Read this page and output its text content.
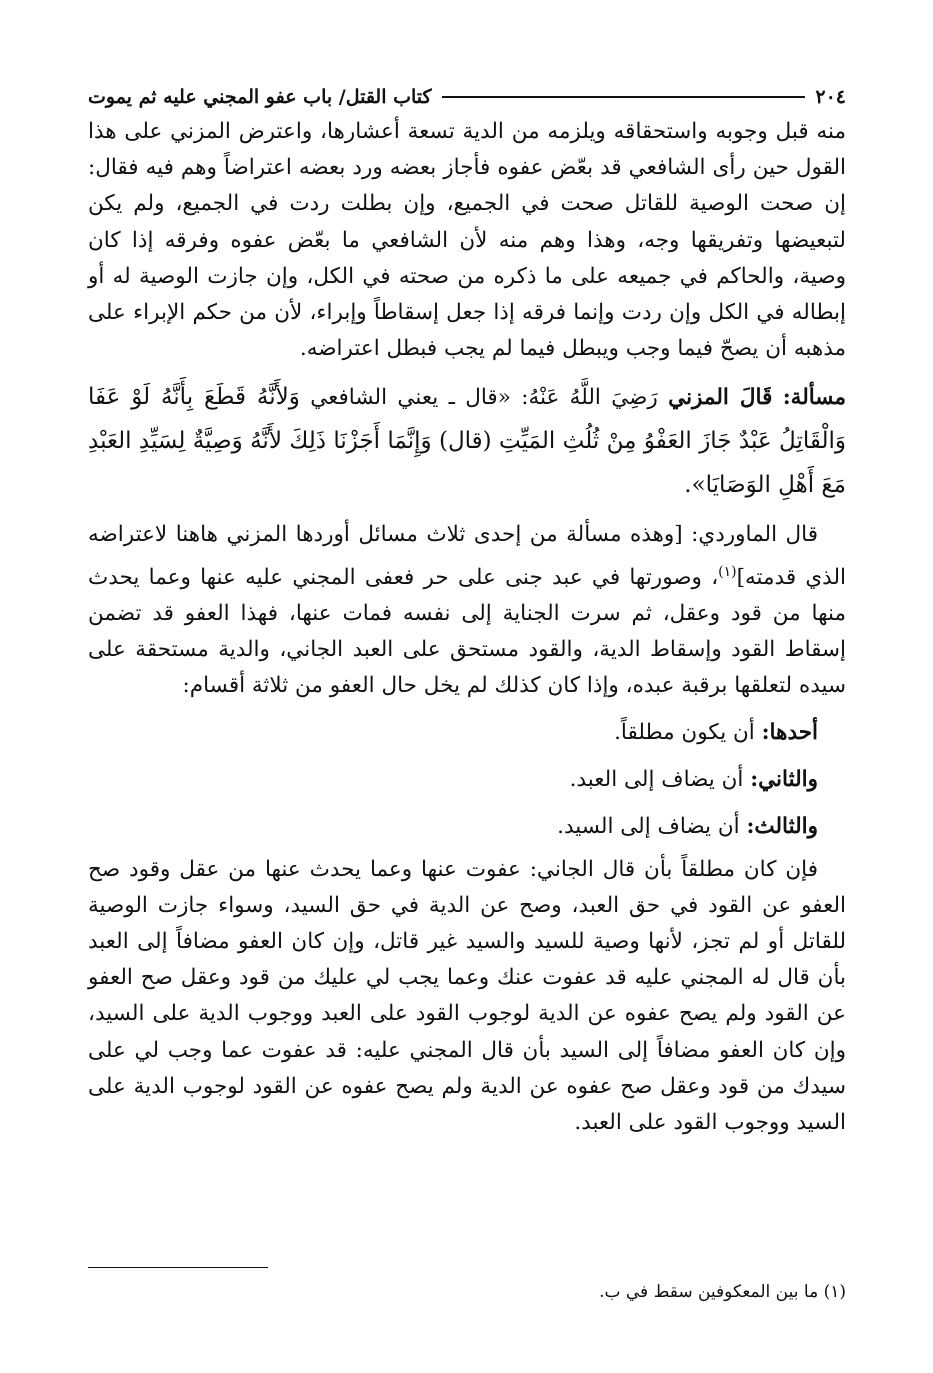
٢٠٤
كتاب القتل/ باب عفو المجني عليه ثم يموت

منه قبل وجوبه واستحقاقه ويلزمه من الدية تسعة أعشارها، واعترض المزني على هذا القول حين رأى الشافعي قد بعّض عفوه فأجاز بعضه ورد بعضه اعتراضاً وهم فيه فقال: إن صحت الوصية للقاتل صحت في الجميع، وإن بطلت ردت في الجميع، ولم يكن لتبعيضها وتفريقها وجه، وهذا وهم منه لأن الشافعي ما بعّض عفوه وفرقه إذا كان وصية، والحاكم في جميعه على ما ذكره من صحته في الكل، وإن جازت الوصية له أو إبطاله في الكل وإن ردت وإنما فرقه إذا جعل إسقاطاً وإبراء، لأن من حكم الإبراء على مذهبه أن يصحّ فيما وجب ويبطل فيما لم يجب فبطل اعتراضه.

مسألة: قَالَ المزني رَضِيَ اللَّهُ عَنْهُ: «قال ـ يعني الشافعي وَلأَنَّهُ قَطَعَ بِأَنَّهُ لَوْ عَفَا وَالْقَاتِلُ عَبْدٌ جَازَ العَفْوُ مِنْ ثُلُثِ المَيِّتِ (قال) وَإِنَّمَا أَجَزْنَا ذَلِكَ لأَنَّهُ وَصِيَّةٌ لِسَيِّدِ العَبْدِ مَعَ أَهْلِ الوَصَايَا».

قال الماوردي: [وهذه مسألة من إحدى ثلاث مسائل أوردها المزني هاهنا لاعتراضه الذي قدمته]$^{(١)}$، وصورتها في عبد جنى على حر فعفى المجني عليه عنها وعما يحدث منها من قود وعقل، ثم سرت الجناية إلى نفسه فمات عنها، فهذا العفو قد تضمن إسقاط القود وإسقاط الدية، والقود مستحق على العبد الجاني، والدية مستحقة على سيده لتعلقها برقبة عبده، وإذا كان كذلك لم يخل حال العفو من ثلاثة أقسام:

أحدها: أن يكون مطلقاً.
والثاني: أن يضاف إلى العبد.
والثالث: أن يضاف إلى السيد.

فإن كان مطلقاً بأن قال الجاني: عفوت عنها وعما يحدث عنها من عقل وقود صح العفو عن القود في حق العبد، وصح عن الدية في حق السيد، وسواء جازت الوصية للقاتل أو لم تجز، لأنها وصية للسيد والسيد غير قاتل، وإن كان العفو مضافاً إلى العبد بأن قال له المجني عليه قد عفوت عنك وعما يجب لي عليك من قود وعقل صح العفو عن القود ولم يصح عفوه عن الدية لوجوب القود على العبد ووجوب الدية على السيد، وإن كان العفو مضافاً إلى السيد بأن قال المجني عليه: قد عفوت عما وجب لي على سيدك من قود وعقل صح عفوه عن الدية ولم يصح عفوه عن القود لوجوب الدية على السيد ووجوب القود على العبد.

(١) ما بين المعكوفين سقط في ب.
